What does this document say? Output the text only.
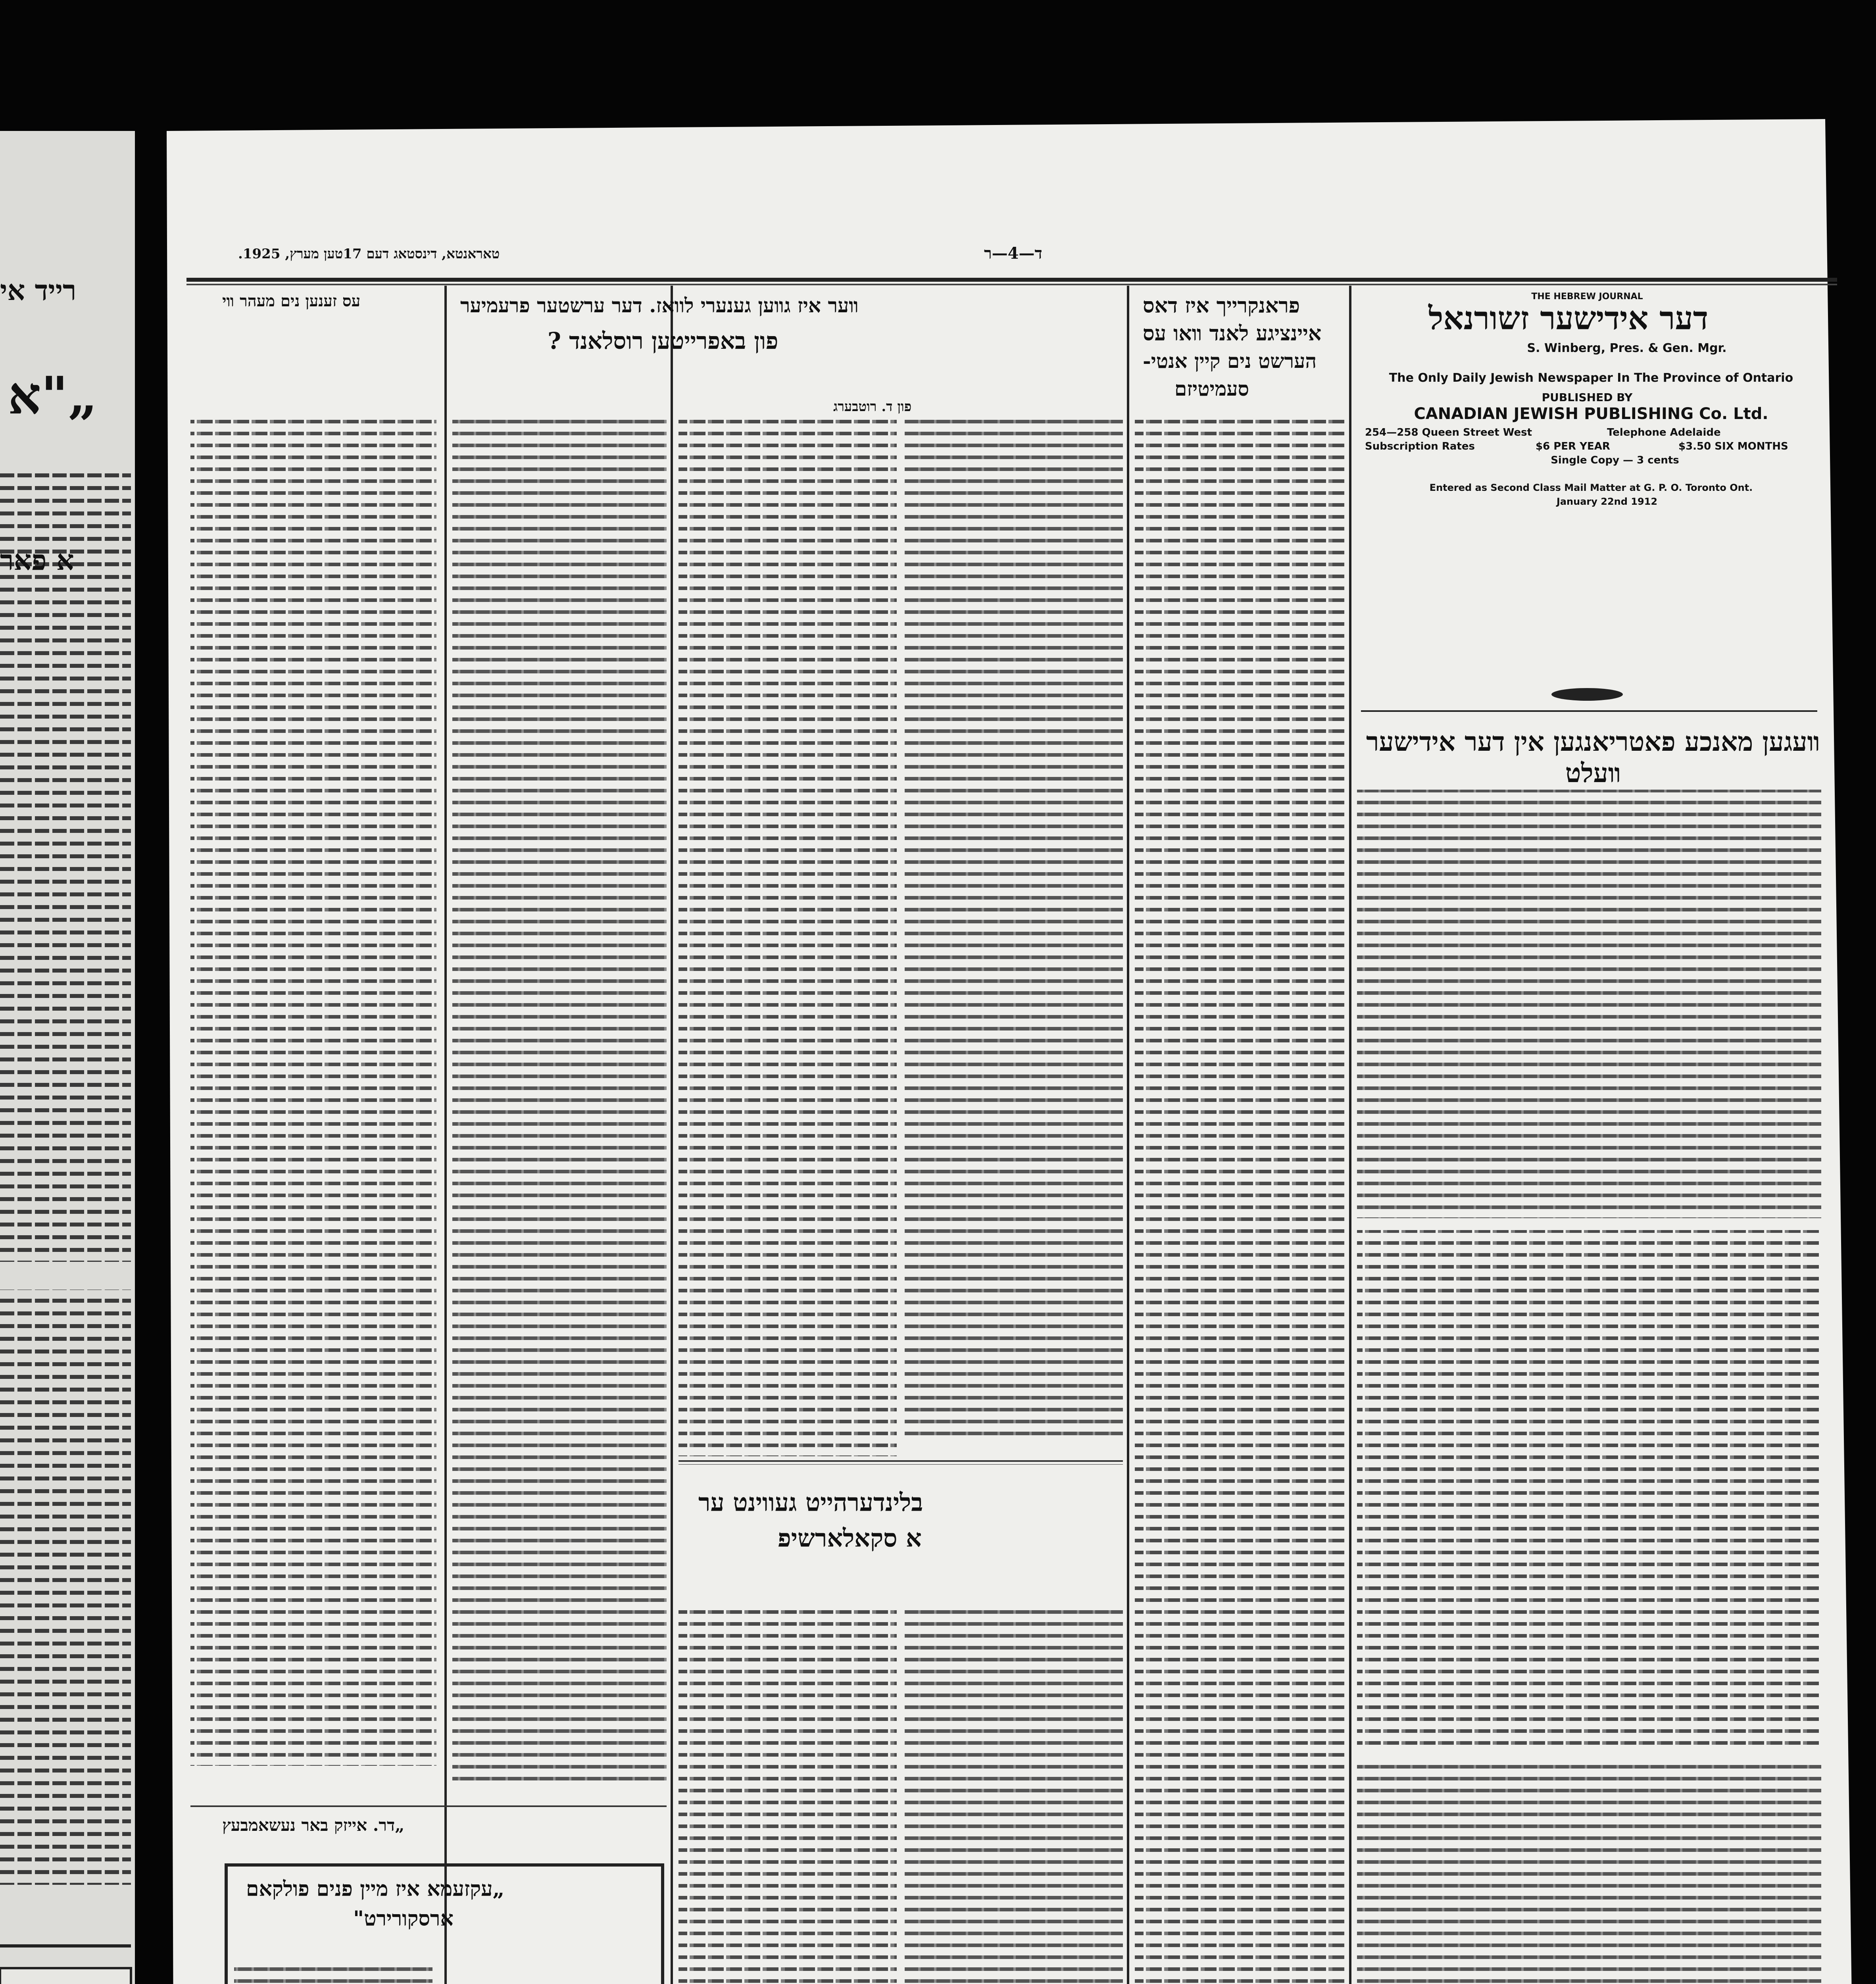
טאראנטא, דינסטאג דעם 17טען מערץ, 1925.	ד—4—ר
רייד אי	THE HEBREW JOURNAL
דער אידישער זשורנאל
S. Winberg, Pres. & Gen. Mgr.
The Only Daily Jewish Newspaper In The Province of Ontario
PUBLISHED BY
CANADIAN JEWISH PUBLISHING Co. Ltd.
254—258 Queen Street West	Telephone Adelaide
Subscription Rates	$6 PER YEAR	$3.50 SIX MONTHS
Single Copy — 3 cents
Entered as Second Class Mail Matter at G. P. O. Toronto Ont.
January 22nd 1912
װעגען מאנכע פאטריאנגען אין דער אידישער װעלט
פראנקרייך איז דאס
איינציגע לאנד װאו עס
הערשט נים קיין אנטי-
סעמיטיזם
װער איז גװען גענערי לוואז. דער ערשטער פרעמיער
פון באפרייטען רוסלאנד ?
פון ד. רוטבערג
עס זענען נים מעהר װי
„דר. אייזק באר נעשאמבעץ
בלינדערהייט געווינט ער
א סקאלארשיפ
„עקזעמא איז מיין פנים פולקאם
ארסקורירט"
„"א
א פאר
